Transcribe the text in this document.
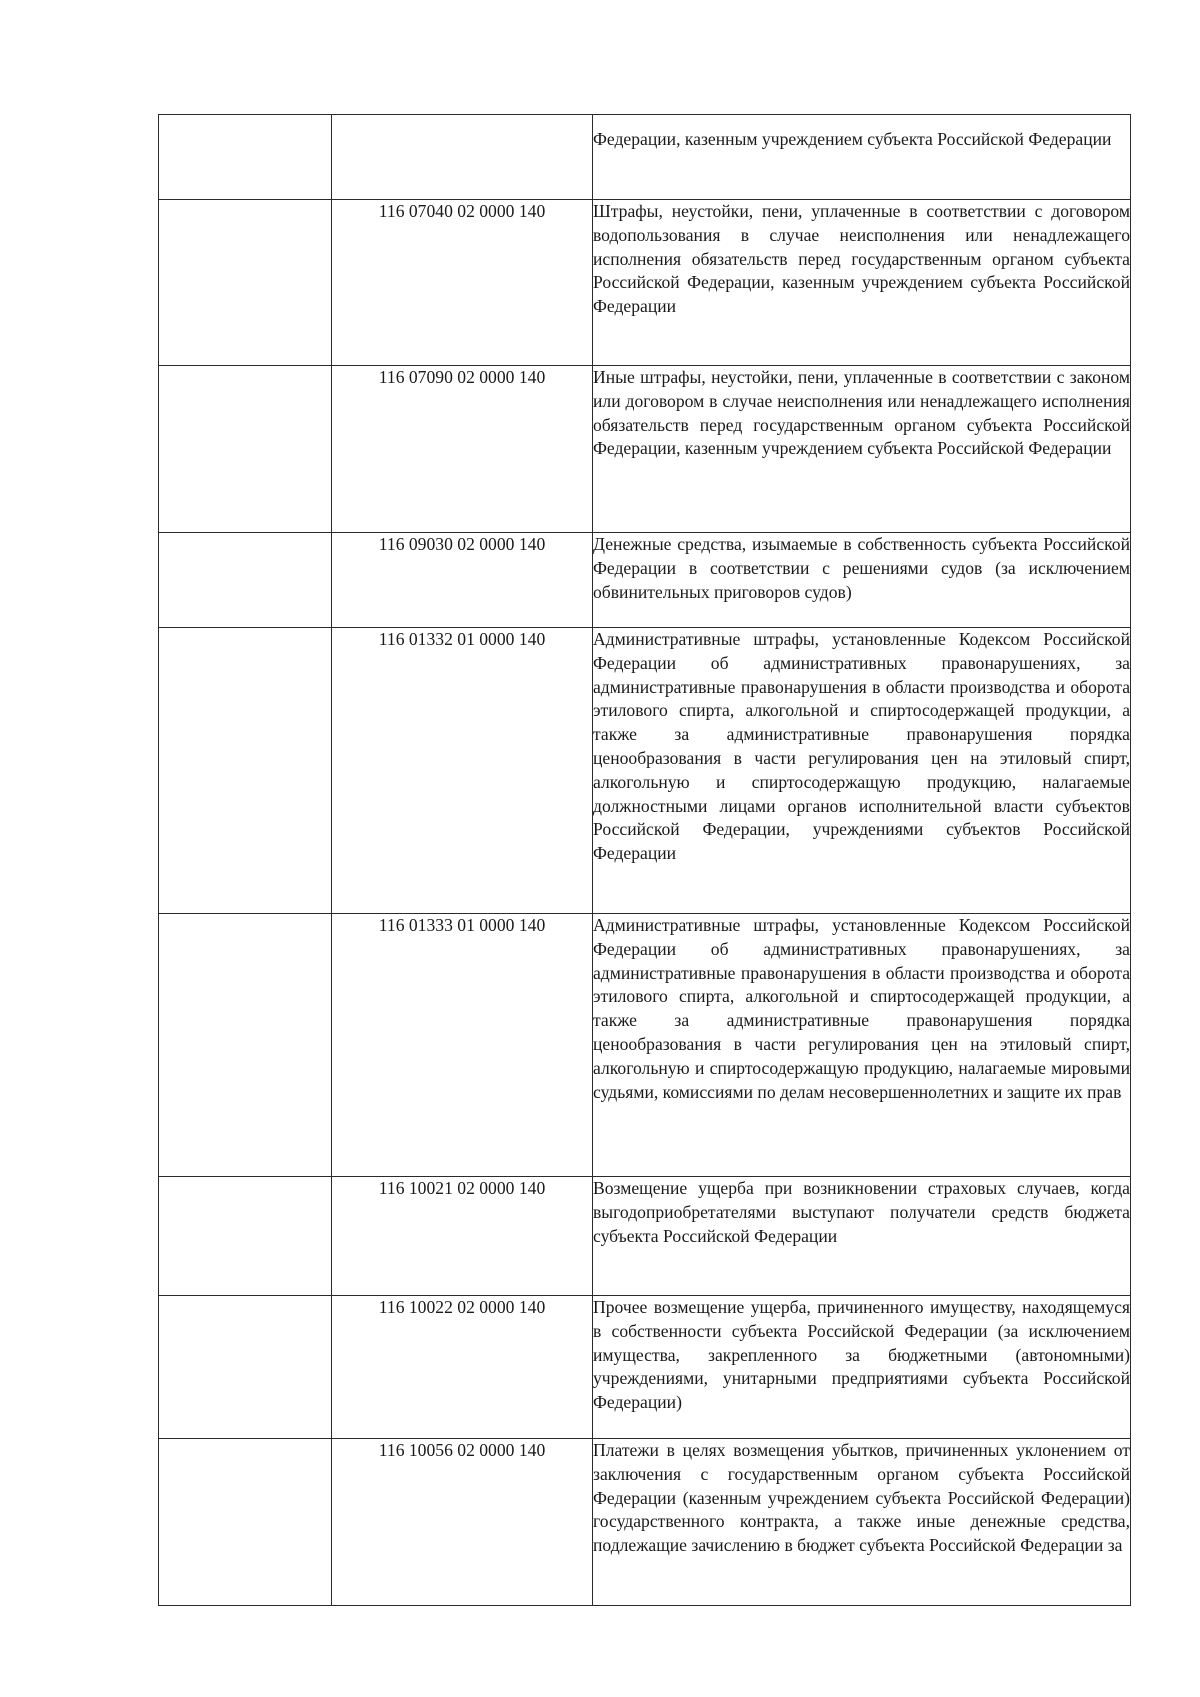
		Федерации, казенным учреждением субъекта Российской Федерации

	116 07040 02 0000 140	Штрафы, неустойки, пени, уплаченные в соответствии с договором водопользования в случае неисполнения или ненадлежащего исполнения обязательств перед государственным органом субъекта Российской Федерации, казенным учреждением субъекта Российской Федерации

	116 07090 02 0000 140	Иные штрафы, неустойки, пени, уплаченные в соответствии с законом или договором в случае неисполнения или ненадлежащего исполнения обязательств перед государственным органом субъекта Российской Федерации, казенным учреждением субъекта Российской Федерации

	116 09030 02 0000 140	Денежные средства, изымаемые в собственность субъекта Российской Федерации в соответствии с решениями судов (за исключением обвинительных приговоров судов)

	116 01332 01 0000 140	Административные штрафы, установленные Кодексом Российской Федерации об административных правонарушениях, за административные правонарушения в области производства и оборота этилового спирта, алкогольной и спиртосодержащей продукции, а также за административные правонарушения порядка ценообразования в части регулирования цен на этиловый спирт, алкогольную и спиртосодержащую продукцию, налагаемые должностными лицами органов исполнительной власти субъектов Российской Федерации, учреждениями субъектов Российской Федерации

	116 01333 01 0000 140	Административные штрафы, установленные Кодексом Российской Федерации об административных правонарушениях, за административные правонарушения в области производства и оборота этилового спирта, алкогольной и спиртосодержащей продукции, а также за административные правонарушения порядка ценообразования в части регулирования цен на этиловый спирт, алкогольную и спиртосодержащую продукцию, налагаемые мировыми судьями, комиссиями по делам несовершеннолетних и защите их прав

	116 10021 02 0000 140	Возмещение ущерба при возникновении страховых случаев, когда выгодоприобретателями выступают получатели средств бюджета субъекта Российской Федерации

	116 10022 02 0000 140	Прочее возмещение ущерба, причиненного имуществу, находящемуся в собственности субъекта Российской Федерации (за исключением имущества, закрепленного за бюджетными (автономными) учреждениями, унитарными предприятиями субъекта Российской Федерации)

	116 10056 02 0000 140	Платежи в целях возмещения убытков, причиненных уклонением от заключения с государственным органом субъекта Российской Федерации (казенным учреждением субъекта Российской Федерации) государственного контракта, а также иные денежные средства, подлежащие зачислению в бюджет субъекта Российской Федерации за
